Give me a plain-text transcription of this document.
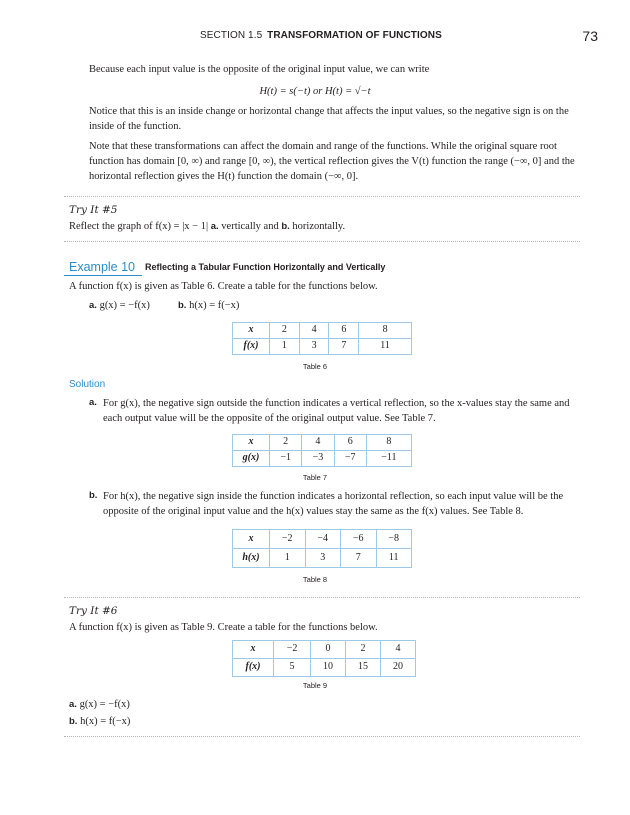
SECTION 1.5 TRANSFORMATION OF FUNCTIONS	73

Because each input value is the opposite of the original input value, we can write

H(t) = s(−t) or H(t) = √−t

Notice that this is an inside change or horizontal change that affects the input values, so the negative sign is on the inside of the function.

Note that these transformations can affect the domain and range of the functions. While the original square root function has domain [0, ∞) and range [0, ∞), the vertical reflection gives the V(t) function the range (−∞, 0] and the horizontal reflection gives the H(t) function the domain (−∞, 0].

Try It #5

Reflect the graph of f(x) = |x − 1| a. vertically and b. horizontally.

Example 10 Reflecting a Tabular Function Horizontally and Vertically

A function f(x) is given as Table 6. Create a table for the functions below.

a. g(x) = −f(x)	b. h(x) = f(−x)
x	2	4	6	8
f(x)	1	3	7	11
Table 6
Solution
a. For g(x), the negative sign outside the function indicates a vertical reflection, so the x-values stay the same and each output value will be the opposite of the original output value. See Table 7.
x	2	4	6	8
g(x)	−1	−3	−7	−11
Table 7
b. For h(x), the negative sign inside the function indicates a horizontal reflection, so each input value will be the opposite of the original input value and the h(x) values stay the same as the f(x) values. See Table 8.
x	−2	−4	−6	−8
h(x)	1	3	7	11
Table 8
Try It #6

A function f(x) is given as Table 9. Create a table for the functions below.

x	−2	0	2	4
f(x)	5	10	15	20
Table 9
a. g(x) = −f(x)
b. h(x) = f(−x)
